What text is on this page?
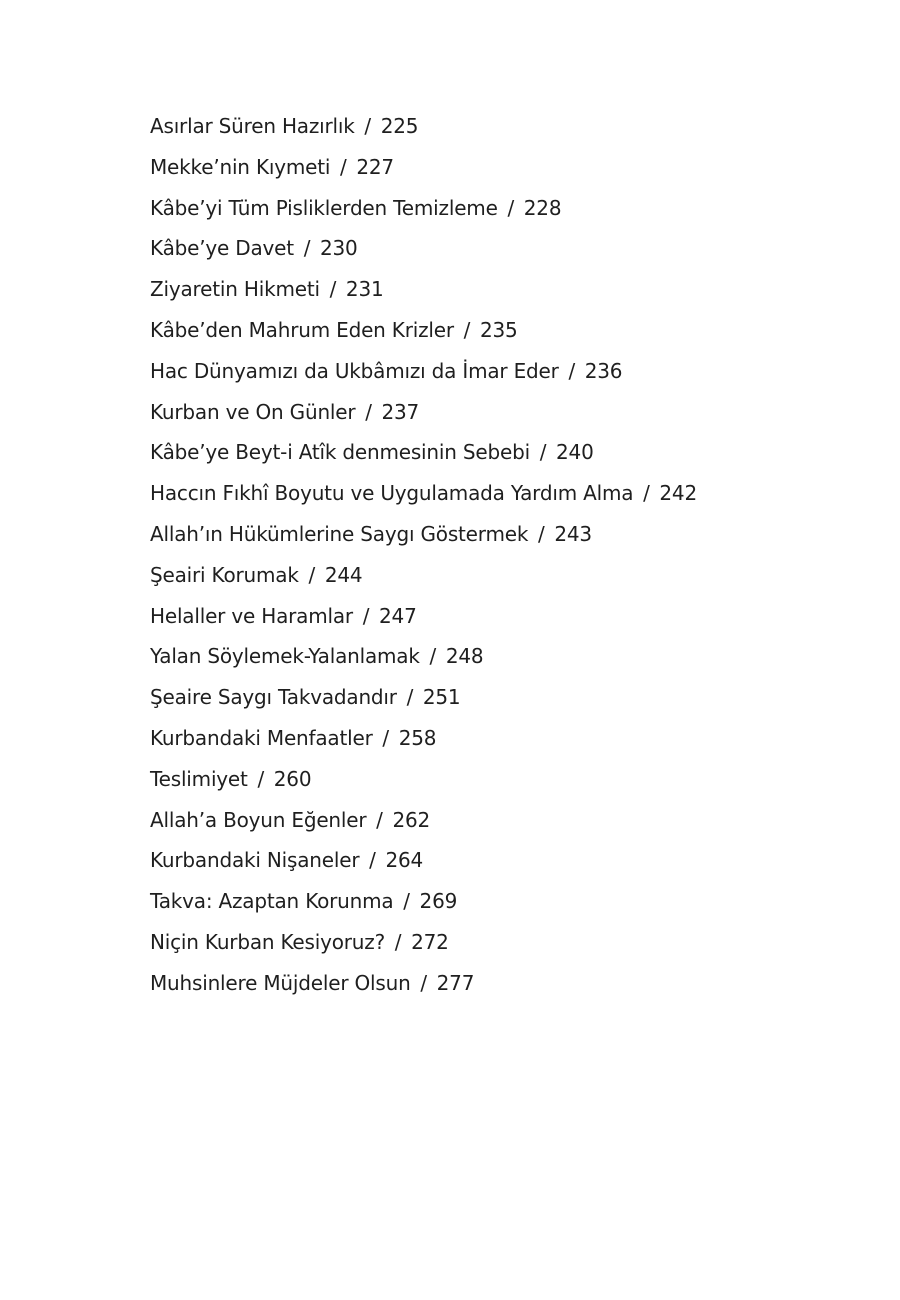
Asırlar Süren Hazırlık / 225
Mekke’nin Kıymeti / 227
Kâbe’yi Tüm Pisliklerden Temizleme / 228
Kâbe’ye Davet / 230
Ziyaretin Hikmeti / 231
Kâbe’den Mahrum Eden Krizler / 235
Hac Dünyamızı da Ukbâmızı da İmar Eder / 236
Kurban ve On Günler / 237
Kâbe’ye Beyt-i Atîk denmesinin Sebebi / 240
Haccın Fıkhî Boyutu ve Uygulamada Yardım Alma / 242
Allah’ın Hükümlerine Saygı Göstermek / 243
Şeairi Korumak / 244
Helaller ve Haramlar / 247
Yalan Söylemek-Yalanlamak / 248
Şeaire Saygı Takvadandır / 251
Kurbandaki Menfaatler / 258
Teslimiyet / 260
Allah’a Boyun Eğenler / 262
Kurbandaki Nişaneler / 264
Takva: Azaptan Korunma / 269
Niçin Kurban Kesiyoruz? / 272
Muhsinlere Müjdeler Olsun / 277
